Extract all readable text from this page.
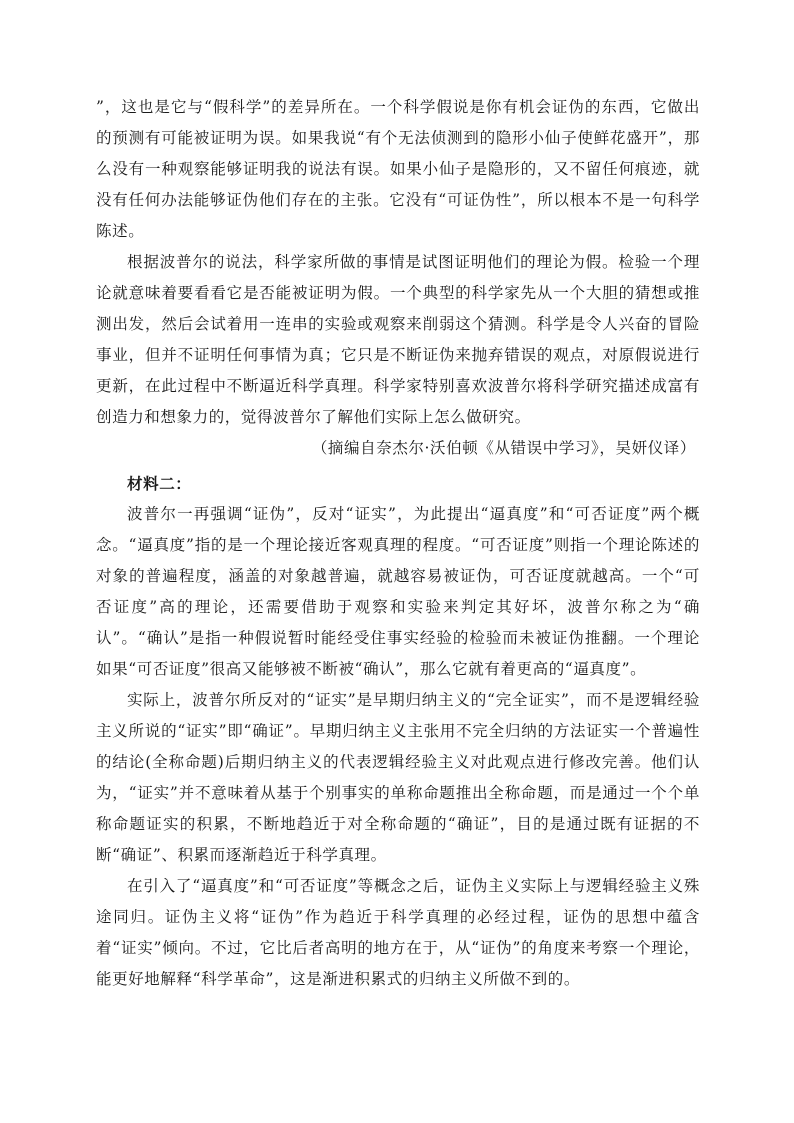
”，这也是它与“假科学”的差异所在。一个科学假说是你有机会证伪的东西，它做出的预测有可能被证明为误。如果我说“有个无法侦测到的隐形小仙子使鲜花盛开”，那么没有一种观察能够证明我的说法有误。如果小仙子是隐形的，又不留任何痕迹，就没有任何办法能够证伪他们存在的主张。它没有“可证伪性”，所以根本不是一句科学陈述。

根据波普尔的说法，科学家所做的事情是试图证明他们的理论为假。检验一个理论就意味着要看看它是否能被证明为假。一个典型的科学家先从一个大胆的猜想或推测出发，然后会试着用一连串的实验或观察来削弱这个猜测。科学是令人兴奋的冒险事业，但并不证明任何事情为真；它只是不断证伪来抛弃错误的观点，对原假说进行更新，在此过程中不断逼近科学真理。科学家特别喜欢波普尔将科学研究描述成富有创造力和想象力的，觉得波普尔了解他们实际上怎么做研究。

（摘编自奈杰尔·沃伯顿《从错误中学习》，吴妍仪译）

材料二：

波普尔一再强调“证伪”，反对“证实”，为此提出“逼真度”和“可否证度”两个概念。“逼真度”指的是一个理论接近客观真理的程度。“可否证度”则指一个理论陈述的对象的普遍程度，涵盖的对象越普遍，就越容易被证伪，可否证度就越高。一个“可否证度”高的理论，还需要借助于观察和实验来判定其好坏，波普尔称之为“确认”。“确认”是指一种假说暂时能经受住事实经验的检验而未被证伪推翻。一个理论如果“可否证度”很高又能够被不断被“确认”，那么它就有着更高的“逼真度”。

实际上，波普尔所反对的“证实”是早期归纳主义的“完全证实”，而不是逻辑经验主义所说的“证实”即“确证”。早期归纳主义主张用不完全归纳的方法证实一个普遍性的结论(全称命题)后期归纳主义的代表逻辑经验主义对此观点进行修改完善。他们认为，“证实”并不意味着从基于个别事实的单称命题推出全称命题，而是通过一个个单称命题证实的积累，不断地趋近于对全称命题的“确证”，目的是通过既有证据的不断“确证”、积累而逐渐趋近于科学真理。

在引入了“逼真度”和“可否证度”等概念之后，证伪主义实际上与逻辑经验主义殊途同归。证伪主义将“证伪”作为趋近于科学真理的必经过程，证伪的思想中蕴含着“证实”倾向。不过，它比后者高明的地方在于，从“证伪”的角度来考察一个理论，能更好地解释“科学革命”，这是渐进积累式的归纳主义所做不到的。
